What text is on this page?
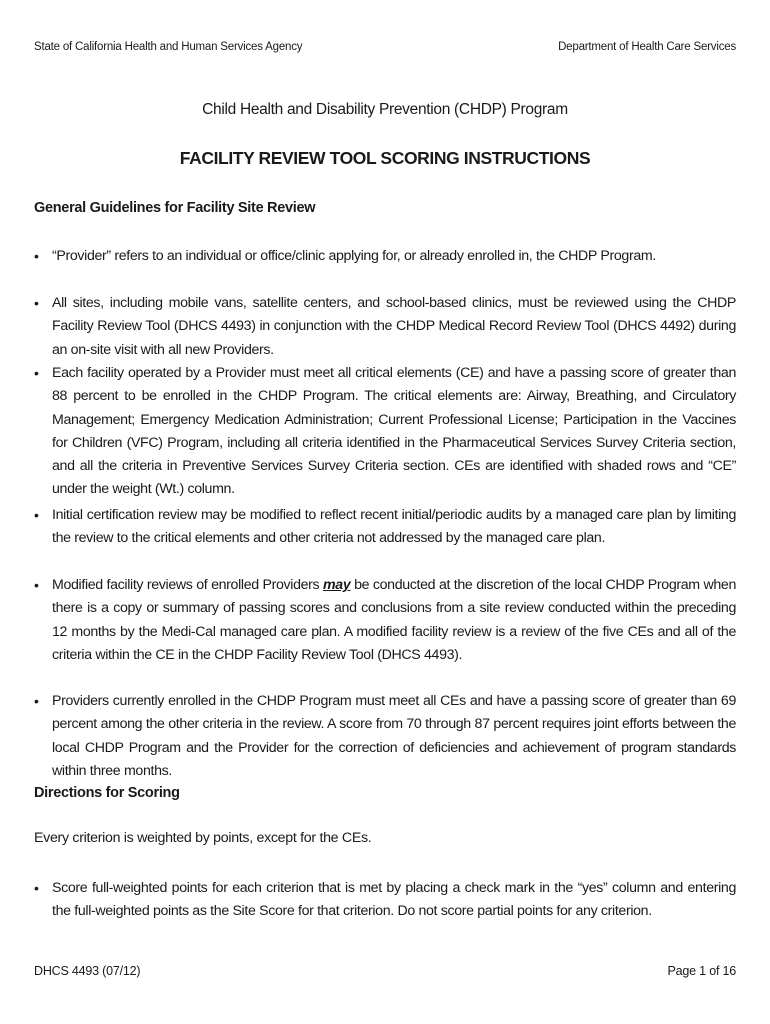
State of California Health and Human Services Agency	Department of Health Care Services
Child Health and Disability Prevention (CHDP) Program
FACILITY REVIEW TOOL SCORING INSTRUCTIONS
General Guidelines for Facility Site Review
• “Provider” refers to an individual or office/clinic applying for, or already enrolled in, the CHDP Program.
• All sites, including mobile vans, satellite centers, and school-based clinics, must be reviewed using the CHDP Facility Review Tool (DHCS 4493) in conjunction with the CHDP Medical Record Review Tool (DHCS 4492) during an on-site visit with all new Providers.
• Each facility operated by a Provider must meet all critical elements (CE) and have a passing score of greater than 88 percent to be enrolled in the CHDP Program. The critical elements are: Airway, Breathing, and Circulatory Management; Emergency Medication Administration; Current Professional License; Participation in the Vaccines for Children (VFC) Program, including all criteria identified in the Pharmaceutical Services Survey Criteria section, and all the criteria in Preventive Services Survey Criteria section. CEs are identified with shaded rows and “CE” under the weight (Wt.) column.
• Initial certification review may be modified to reflect recent initial/periodic audits by a managed care plan by limiting the review to the critical elements and other criteria not addressed by the managed care plan.
• Modified facility reviews of enrolled Providers may be conducted at the discretion of the local CHDP Program when there is a copy or summary of passing scores and conclusions from a site review conducted within the preceding 12 months by the Medi-Cal managed care plan. A modified facility review is a review of the five CEs and all of the criteria within the CE in the CHDP Facility Review Tool (DHCS 4493).
• Providers currently enrolled in the CHDP Program must meet all CEs and have a passing score of greater than 69 percent among the other criteria in the review. A score from 70 through 87 percent requires joint efforts between the local CHDP Program and the Provider for the correction of deficiencies and achievement of program standards within three months.
Directions for Scoring
Every criterion is weighted by points, except for the CEs.
• Score full-weighted points for each criterion that is met by placing a check mark in the “yes” column and entering the full-weighted points as the Site Score for that criterion. Do not score partial points for any criterion.
DHCS 4493 (07/12)	Page 1 of 16
